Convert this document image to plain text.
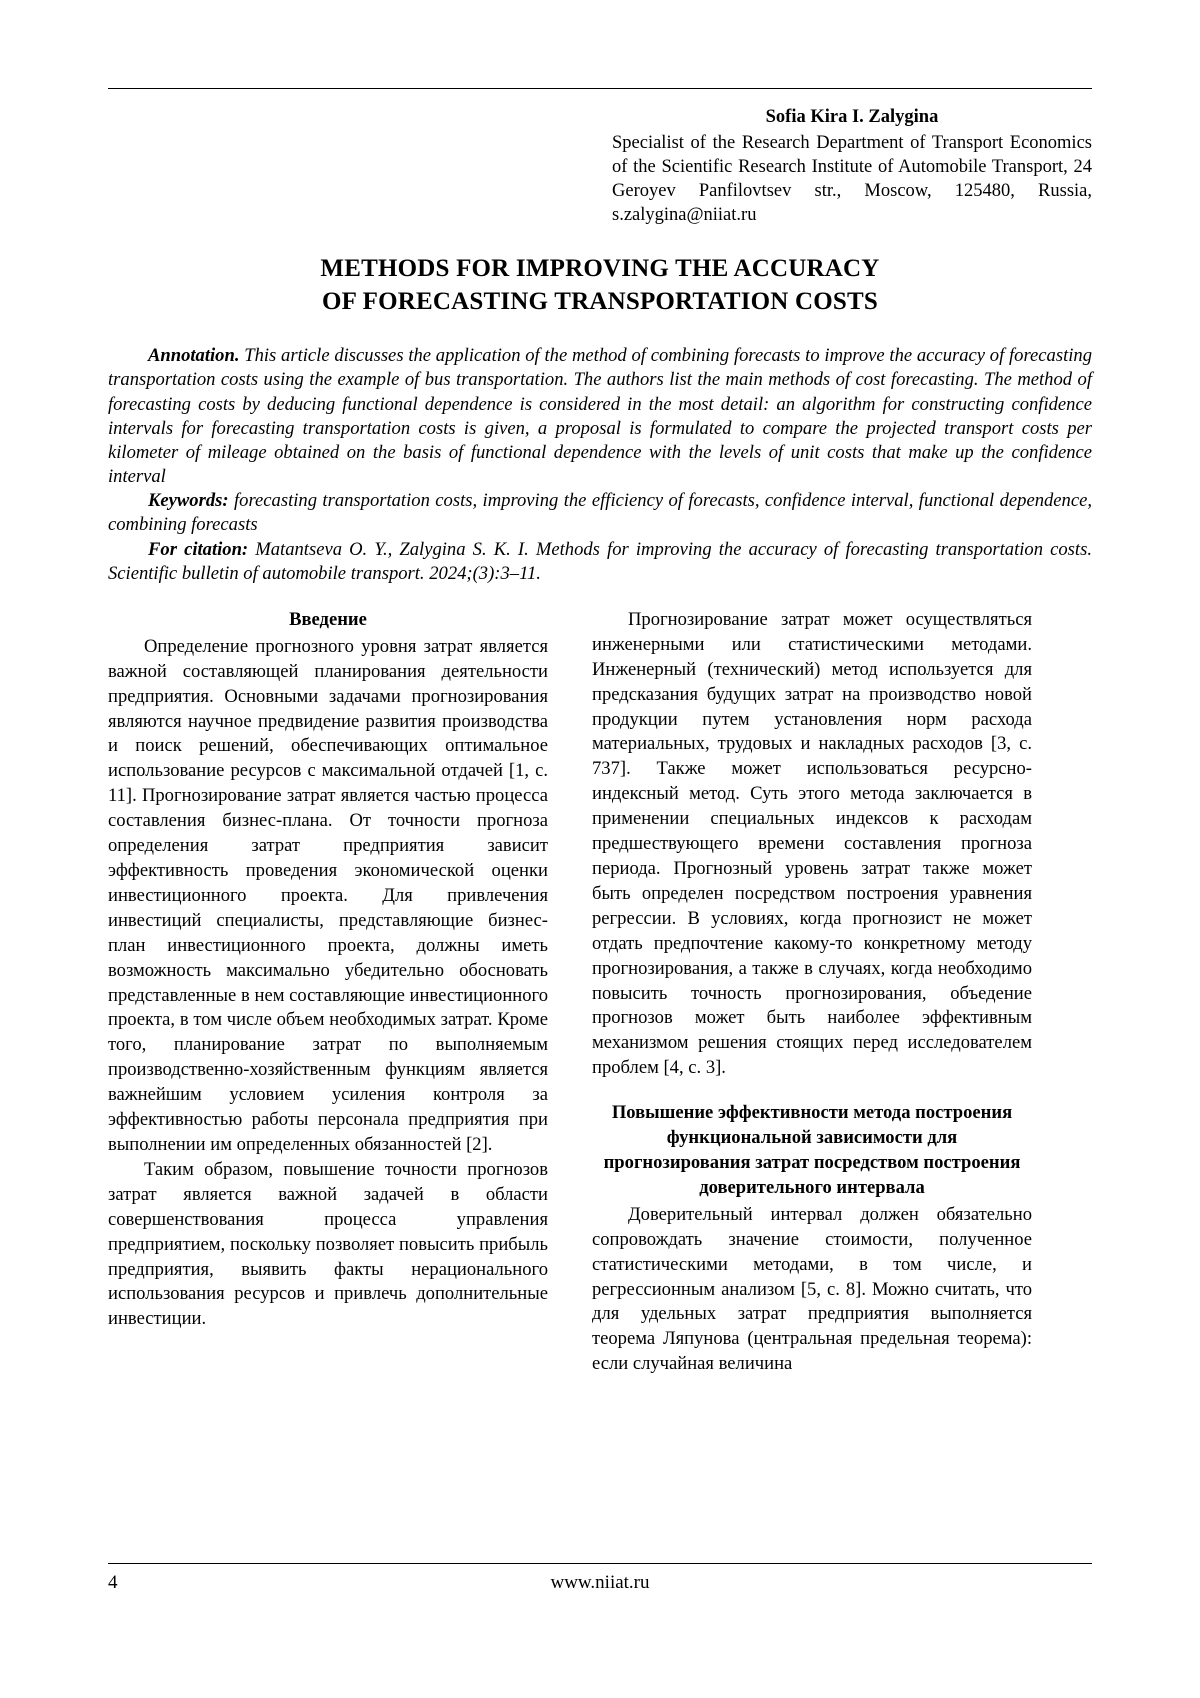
Sofia Kira I. Zalygina
Specialist of the Research Department of Transport Economics of the Scientific Research Institute of Automobile Transport, 24 Geroyev Panfilovtsev str., Moscow, 125480, Russia, s.zalygina@niiat.ru
METHODS FOR IMPROVING THE ACCURACY
OF FORECASTING TRANSPORTATION COSTS

Annotation. This article discusses the application of the method of combining forecasts to improve the accuracy of forecasting transportation costs using the example of bus transportation. The authors list the main methods of cost forecasting. The method of forecasting costs by deducing functional dependence is considered in the most detail: an algorithm for constructing confidence intervals for forecasting transportation costs is given, a proposal is formulated to compare the projected transport costs per kilometer of mileage obtained on the basis of functional dependence with the levels of unit costs that make up the confidence interval

Keywords: forecasting transportation costs, improving the efficiency of forecasts, confidence interval, functional dependence, combining forecasts

For citation: Matantseva O. Y., Zalygina S. K. I. Methods for improving the accuracy of forecasting transportation costs. Scientific bulletin of automobile transport. 2024;(3):3–11.

Введение

Определение прогнозного уровня затрат является важной составляющей планирования деятельности предприятия. Основными задачами прогнозирования являются научное предвидение развития производства и поиск решений, обеспечивающих оптимальное использование ресурсов с максимальной отдачей [1, с. 11]. Прогнозирование затрат является частью процесса составления бизнес-плана. От точности прогноза определения затрат предприятия зависит эффективность проведения экономической оценки инвестиционного проекта. Для привлечения инвестиций специалисты, представляющие бизнес-план инвестиционного проекта, должны иметь возможность максимально убедительно обосновать представленные в нем составляющие инвестиционного проекта, в том числе объем необходимых затрат. Кроме того, планирование затрат по выполняемым производственно-хозяйственным функциям является важнейшим условием усиления контроля за эффективностью работы персонала предприятия при выполнении им определенных обязанностей [2].

Таким образом, повышение точности прогнозов затрат является важной задачей в области совершенствования процесса управления предприятием, поскольку позволяет повысить прибыль предприятия, выявить факты нерационального использования ресурсов и привлечь дополнительные инвестиции.

Прогнозирование затрат может осуществляться инженерными или статистическими методами. Инженерный (технический) метод используется для предсказания будущих затрат на производство новой продукции путем установления норм расхода материальных, трудовых и накладных расходов [3, с. 737]. Также может использоваться ресурсно-индексный метод. Суть этого метода заключается в применении специальных индексов к расходам предшествующего времени составления прогноза периода. Прогнозный уровень затрат также может быть определен посредством построения уравнения регрессии. В условиях, когда прогнозист не может отдать предпочтение какому-то конкретному методу прогнозирования, а также в случаях, когда необходимо повысить точность прогнозирования, объедение прогнозов может быть наиболее эффективным механизмом решения стоящих перед исследователем проблем [4, с. 3].

Повышение эффективности метода построения функциональной зависимости для прогнозирования затрат посредством построения доверительного интервала

Доверительный интервал должен обязательно сопровождать значение стоимости, полученное статистическими методами, в том числе, и регрессионным анализом [5, с. 8]. Можно считать, что для удельных затрат предприятия выполняется теорема Ляпунова (центральная предельная теорема): если случайная величина

4	www.niiat.ru
